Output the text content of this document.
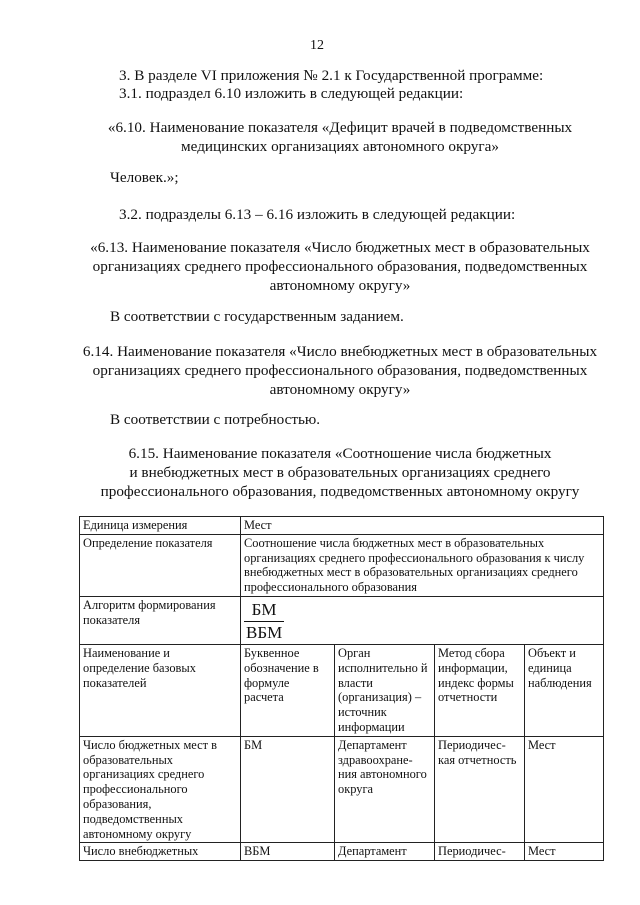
12
3. В разделе VI приложения № 2.1 к Государственной программе:
3.1. подраздел 6.10 изложить в следующей редакции:
«6.10. Наименование показателя «Дефицит врачей в подведомственных
медицинских организациях автономного округа»
Человек.»;
3.2. подразделы 6.13 – 6.16 изложить в следующей редакции:
«6.13. Наименование показателя «Число бюджетных мест в образовательных
организациях среднего профессионального образования, подведомственных
автономному округу»
В соответствии с государственным заданием.
6.14. Наименование показателя «Число внебюджетных мест в образовательных
организациях среднего профессионального образования, подведомственных
автономному округу»
В соответствии с потребностью.
6.15. Наименование показателя «Соотношение числа бюджетных
и внебюджетных мест в образовательных организациях среднего
профессионального образования, подведомственных автономному округу
Единица измерения	Мест			
Определение показателя	Соотношение числа бюджетных мест в образовательных организациях среднего профессионального образования к числу внебюджетных мест в образовательных организациях среднего профессионального образования			
Алгоритм формирования показателя	$\frac{БМ}{\text{ВБМ}}$

Наименование и определение базовых показателей	Буквенное обозначение в формуле расчета	Орган исполнительно й власти (организация) – источник информации	Метод сбора информации, индекс формы отчетности	Объект и единица наблюдения
Число бюджетных мест в образовательных организациях среднего профессионального образования, подведомственных автономному округу	БМ	Департамент здравоохране-ния автономного округа	Периодичес-кая отчетность	Мест
Число внебюджетных	ВБМ	Департамент	Периодичес-	Мест
